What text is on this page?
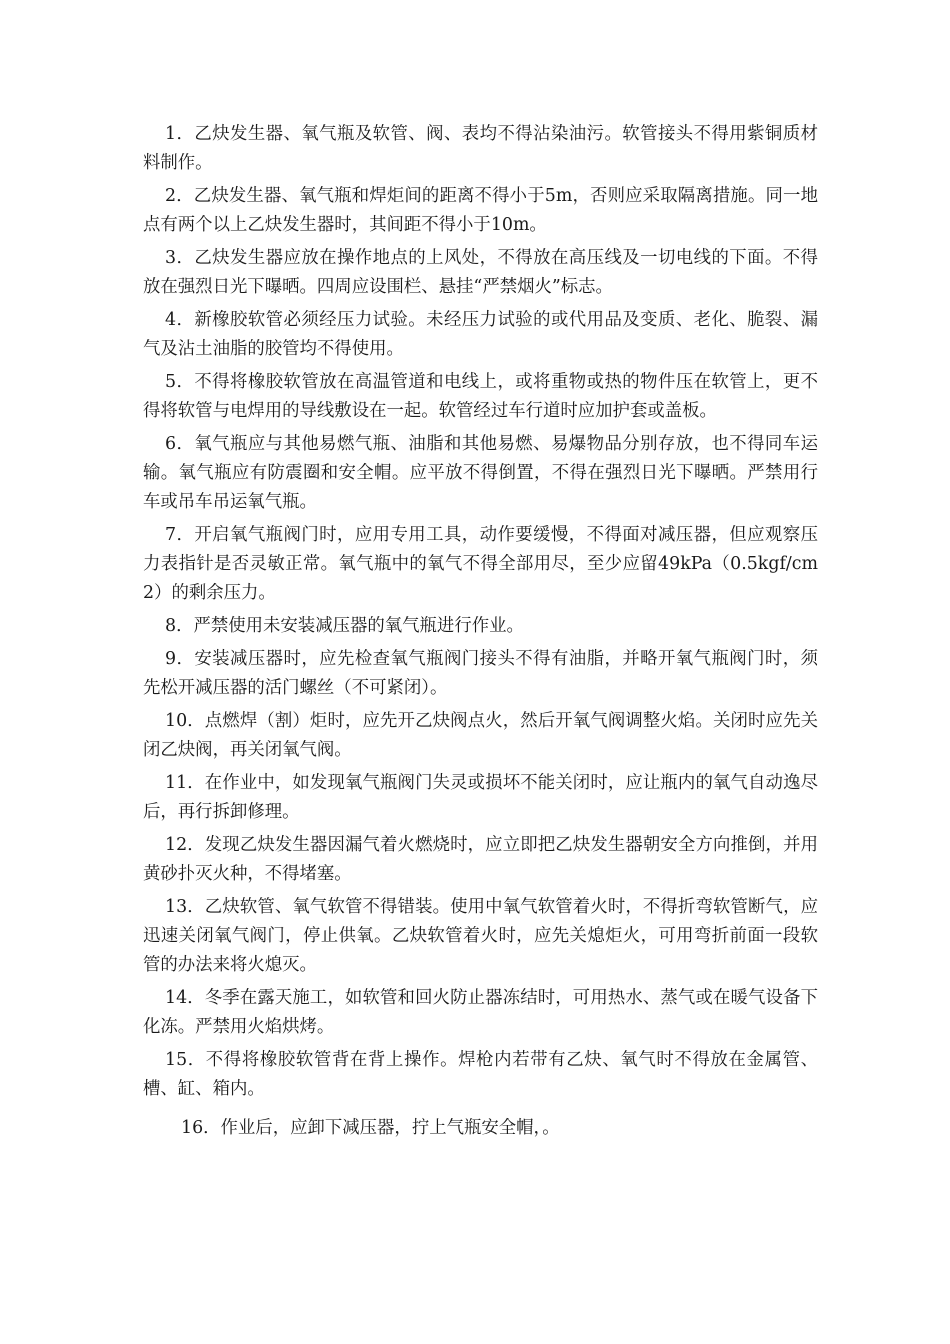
1．乙炔发生器、氧气瓶及软管、阀、表均不得沾染油污。软管接头不得用紫铜质材料制作。

2．乙炔发生器、氧气瓶和焊炬间的距离不得小于5m，否则应采取隔离措施。同一地点有两个以上乙炔发生器时，其间距不得小于10m。

3．乙炔发生器应放在操作地点的上风处，不得放在高压线及一切电线的下面。不得放在强烈日光下曝晒。四周应设围栏、悬挂“严禁烟火”标志。

4．新橡胶软管必须经压力试验。未经压力试验的或代用品及变质、老化、脆裂、漏气及沾土油脂的胶管均不得使用。

5．不得将橡胶软管放在高温管道和电线上，或将重物或热的物件压在软管上，更不得将软管与电焊用的导线敷设在一起。软管经过车行道时应加护套或盖板。

6．氧气瓶应与其他易燃气瓶、油脂和其他易燃、易爆物品分别存放，也不得同车运输。氧气瓶应有防震圈和安全帽。应平放不得倒置，不得在强烈日光下曝晒。严禁用行车或吊车吊运氧气瓶。

7．开启氧气瓶阀门时，应用专用工具，动作要缓慢，不得面对减压器，但应观察压力表指针是否灵敏正常。氧气瓶中的氧气不得全部用尽，至少应留49kPa（0.5kgf/cm2）的剩余压力。

8．严禁使用未安装减压器的氧气瓶进行作业。

9．安装减压器时，应先检查氧气瓶阀门接头不得有油脂，并略开氧气瓶阀门时，须先松开减压器的活门螺丝（不可紧闭）。

10．点燃焊（割）炬时，应先开乙炔阀点火，然后开氧气阀调整火焰。关闭时应先关闭乙炔阀，再关闭氧气阀。

11．在作业中，如发现氧气瓶阀门失灵或损坏不能关闭时，应让瓶内的氧气自动逸尽后，再行拆卸修理。

12．发现乙炔发生器因漏气着火燃烧时，应立即把乙炔发生器朝安全方向推倒，并用黄砂扑灭火种，不得堵塞。

13．乙炔软管、氧气软管不得错装。使用中氧气软管着火时，不得折弯软管断气，应迅速关闭氧气阀门，停止供氧。乙炔软管着火时，应先关熄炬火，可用弯折前面一段软管的办法来将火熄灭。

14．冬季在露天施工，如软管和回火防止器冻结时，可用热水、蒸气或在暖气设备下化冻。严禁用火焰烘烤。

15．不得将橡胶软管背在背上操作。焊枪内若带有乙炔、氧气时不得放在金属管、槽、缸、箱内。

16．作业后，应卸下减压器，拧上气瓶安全帽，。
